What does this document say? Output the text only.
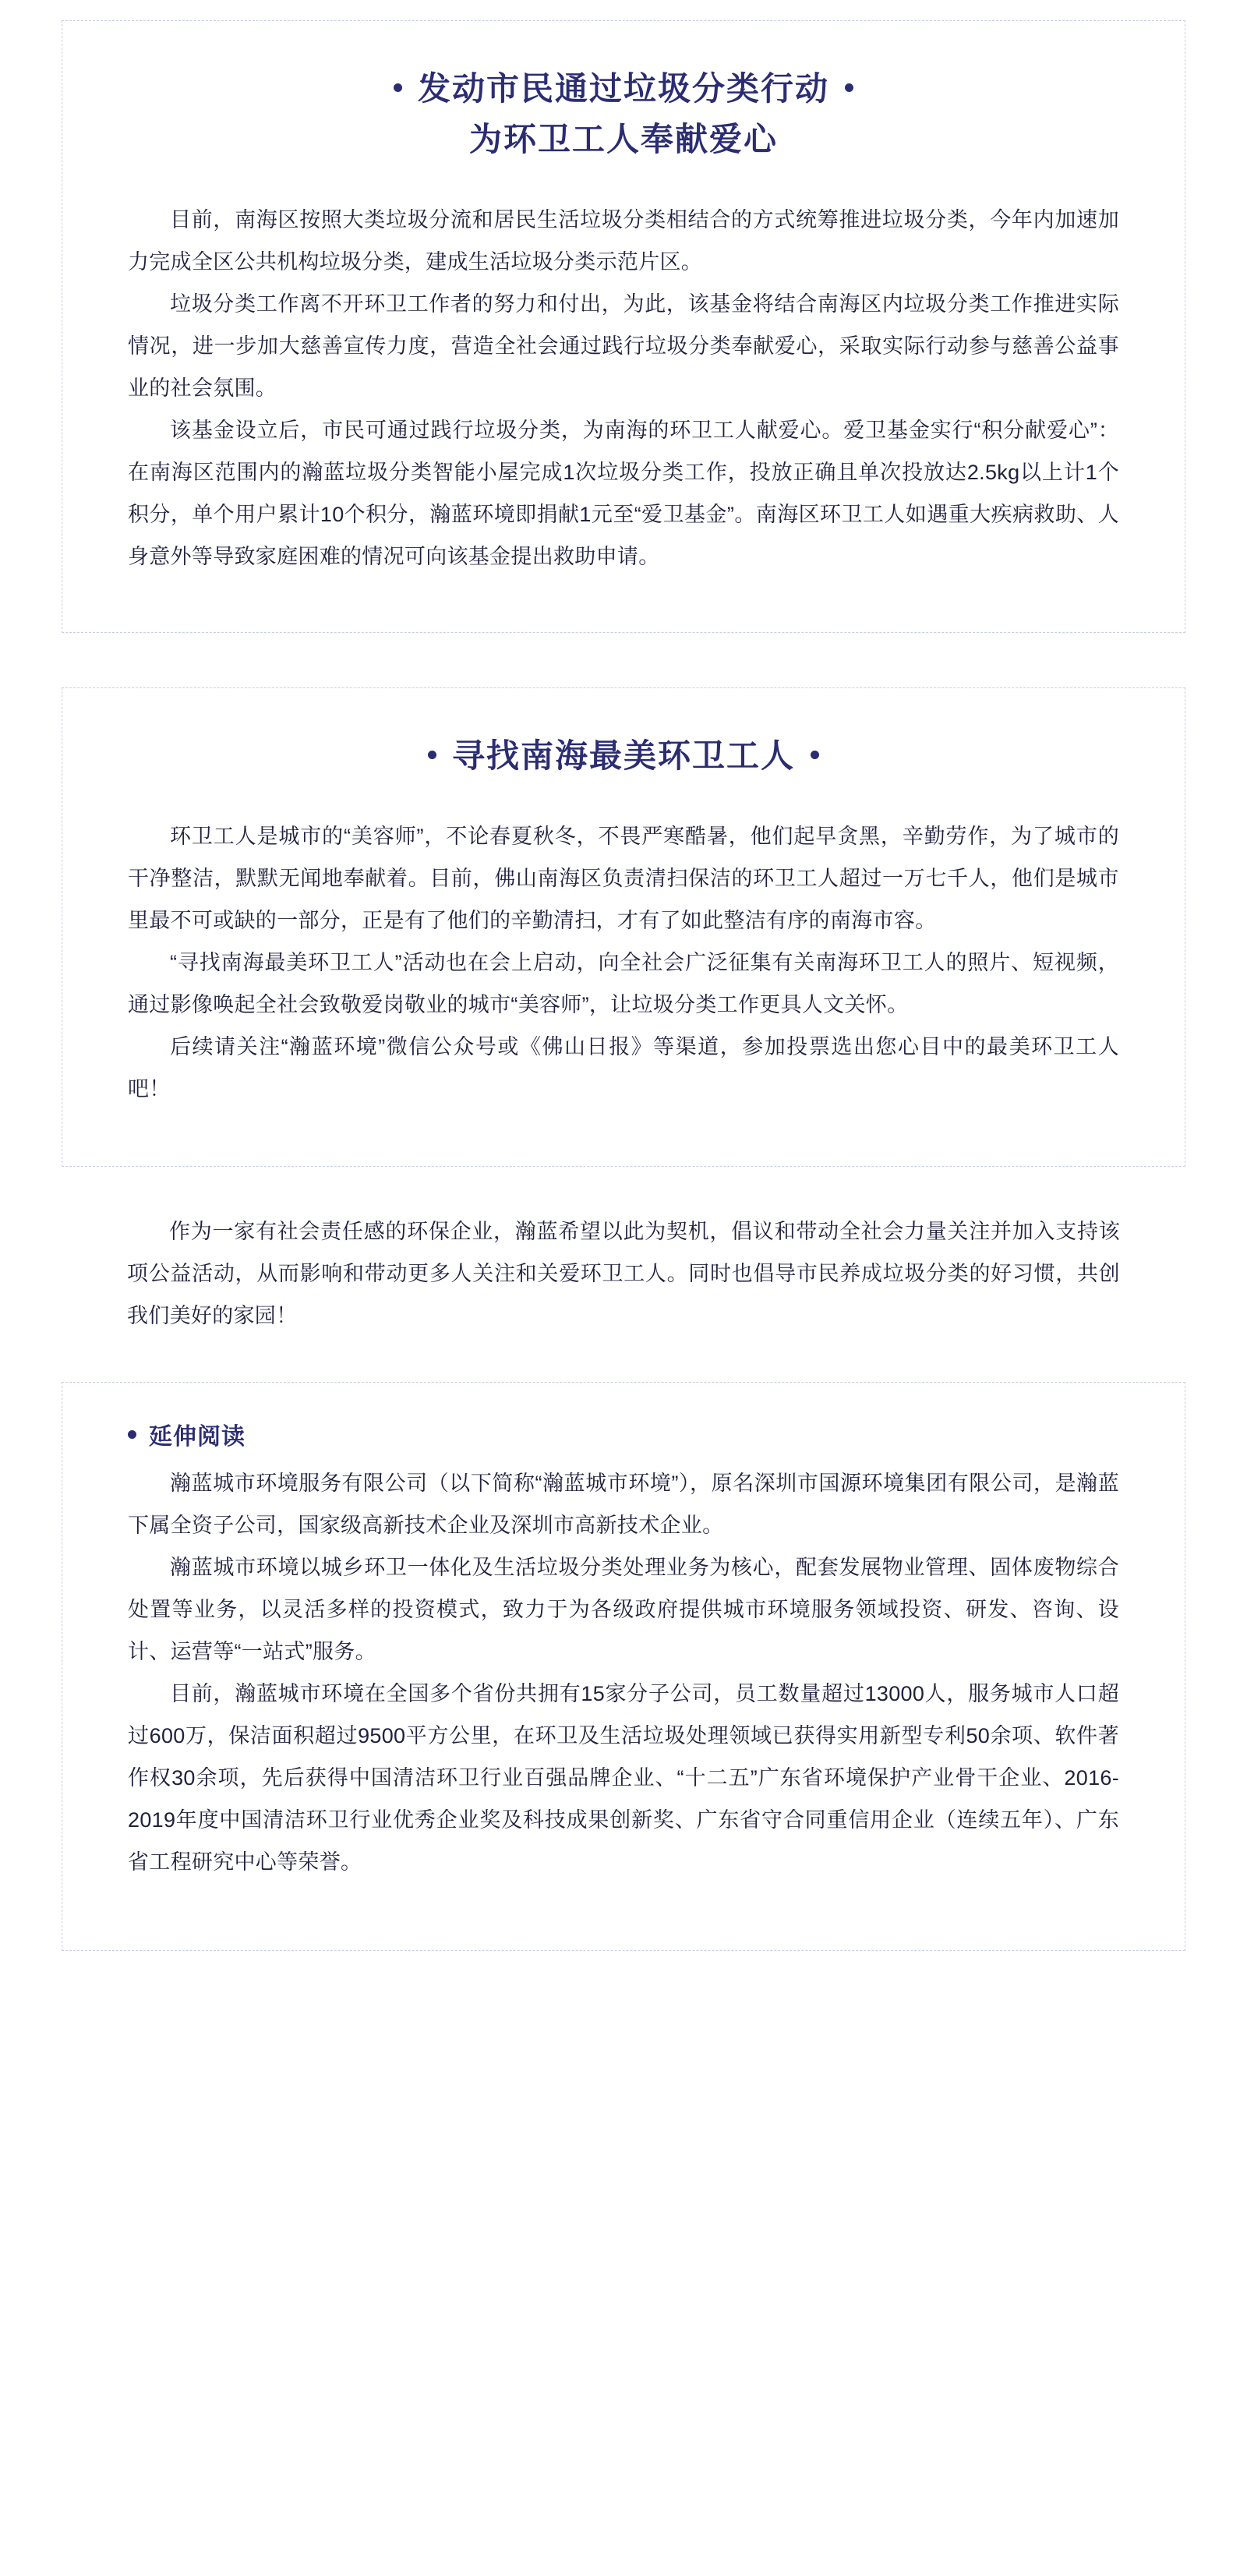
发动市民通过垃圾分类行动
为环卫工人奉献爱心

目前，南海区按照大类垃圾分流和居民生活垃圾分类相结合的方式统筹推进垃圾分类，今年内加速加力完成全区公共机构垃圾分类，建成生活垃圾分类示范片区。

垃圾分类工作离不开环卫工作者的努力和付出，为此，该基金将结合南海区内垃圾分类工作推进实际情况，进一步加大慈善宣传力度，营造全社会通过践行垃圾分类奉献爱心，采取实际行动参与慈善公益事业的社会氛围。

该基金设立后，市民可通过践行垃圾分类，为南海的环卫工人献爱心。爱卫基金实行“积分献爱心”：在南海区范围内的瀚蓝垃圾分类智能小屋完成1次垃圾分类工作，投放正确且单次投放达2.5kg以上计1个积分，单个用户累计10个积分，瀚蓝环境即捐献1元至“爱卫基金”。南海区环卫工人如遇重大疾病救助、人身意外等导致家庭困难的情况可向该基金提出救助申请。

寻找南海最美环卫工人

环卫工人是城市的“美容师”，不论春夏秋冬，不畏严寒酷暑，他们起早贪黑，辛勤劳作，为了城市的干净整洁，默默无闻地奉献着。目前，佛山南海区负责清扫保洁的环卫工人超过一万七千人，他们是城市里最不可或缺的一部分，正是有了他们的辛勤清扫，才有了如此整洁有序的南海市容。

“寻找南海最美环卫工人”活动也在会上启动，向全社会广泛征集有关南海环卫工人的照片、短视频，通过影像唤起全社会致敬爱岗敬业的城市“美容师”，让垃圾分类工作更具人文关怀。

后续请关注“瀚蓝环境”微信公众号或《佛山日报》等渠道，参加投票选出您心目中的最美环卫工人吧！

作为一家有社会责任感的环保企业，瀚蓝希望以此为契机，倡议和带动全社会力量关注并加入支持该项公益活动，从而影响和带动更多人关注和关爱环卫工人。同时也倡导市民养成垃圾分类的好习惯，共创我们美好的家园！

延伸阅读

瀚蓝城市环境服务有限公司（以下简称“瀚蓝城市环境”），原名深圳市国源环境集团有限公司，是瀚蓝下属全资子公司，国家级高新技术企业及深圳市高新技术企业。

瀚蓝城市环境以城乡环卫一体化及生活垃圾分类处理业务为核心，配套发展物业管理、固体废物综合处置等业务，以灵活多样的投资模式，致力于为各级政府提供城市环境服务领域投资、研发、咨询、设计、运营等“一站式”服务。

目前，瀚蓝城市环境在全国多个省份共拥有15家分子公司，员工数量超过13000人，服务城市人口超过600万，保洁面积超过9500平方公里，在环卫及生活垃圾处理领域已获得实用新型专利50余项、软件著作权30余项，先后获得中国清洁环卫行业百强品牌企业、“十二五”广东省环境保护产业骨干企业、2016-2019年度中国清洁环卫行业优秀企业奖及科技成果创新奖、广东省守合同重信用企业（连续五年）、广东省工程研究中心等荣誉。
